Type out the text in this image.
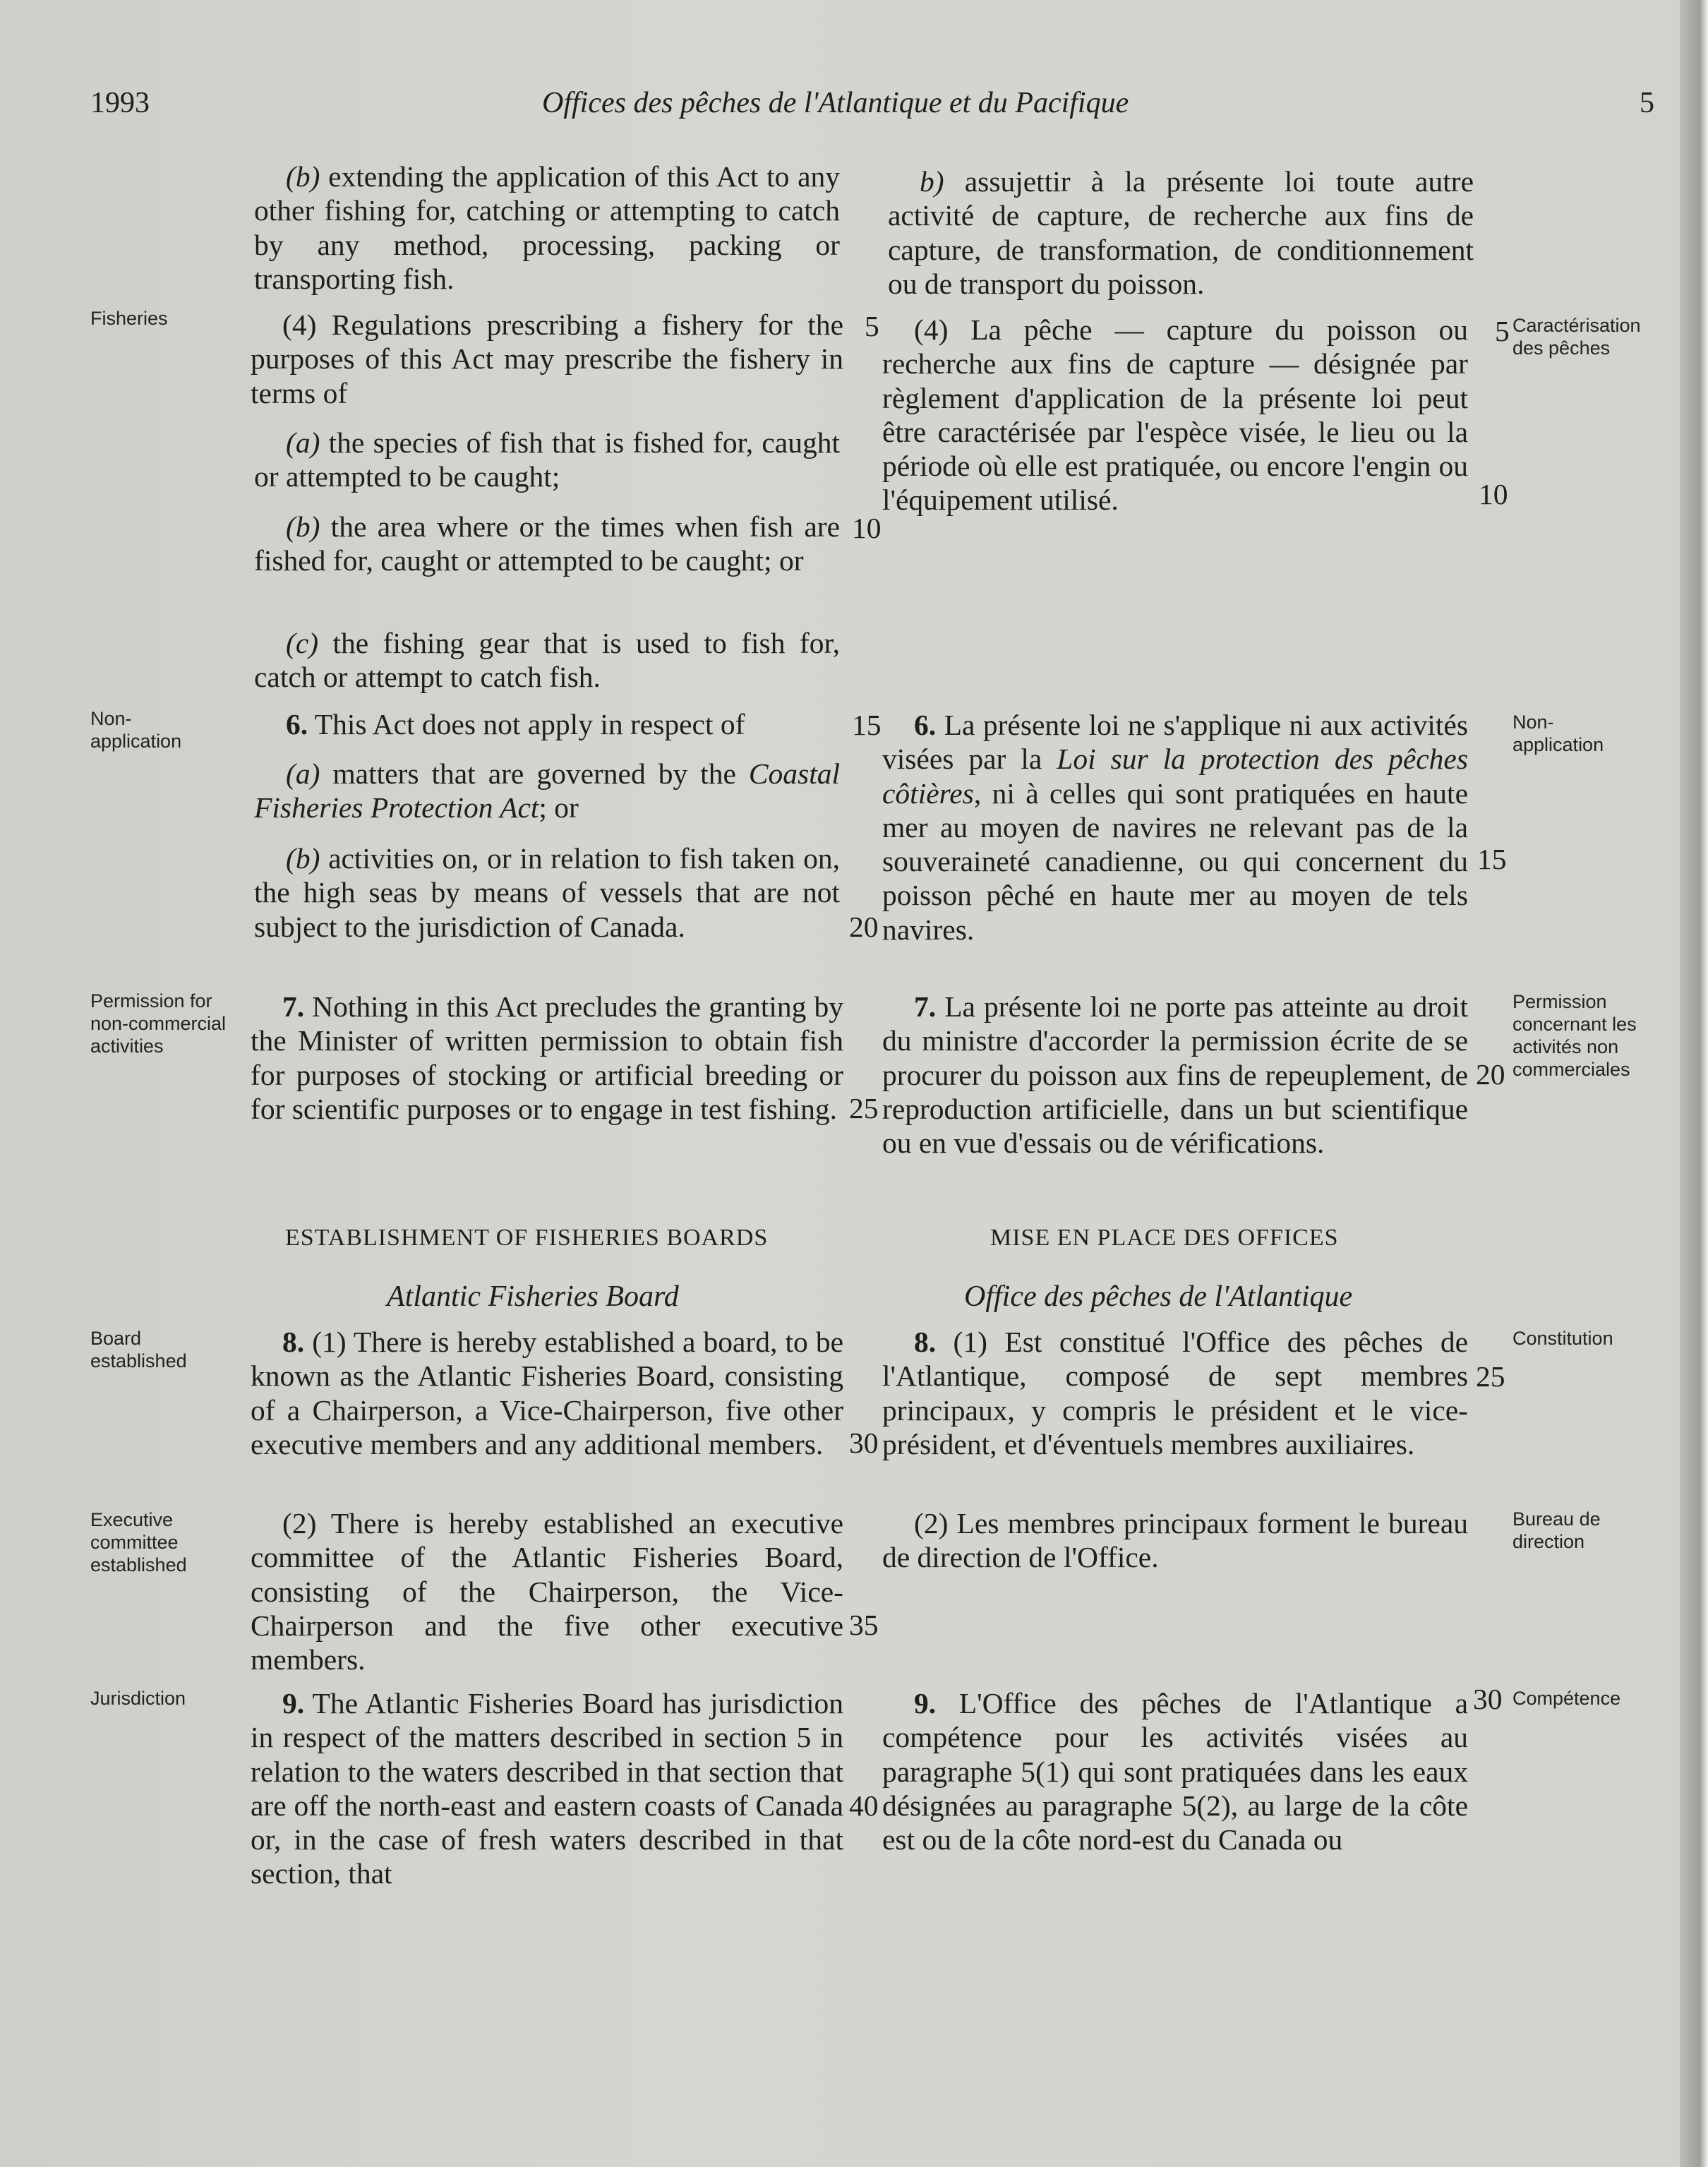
1993	Offices des pêches de l'Atlantique et du Pacifique	5
Fisheries
Non-application
Permission for non-commercial activities
Board established
Executive committee established
Jurisdiction
Caractérisation des pêches
Non-application
Permission concernant les activités non commerciales
Constitution
Bureau de direction
Compétence
5
10
15
20
25
30
35
40
5
10
15
20
25
30

(b) extending the application of this Act to any other fishing for, catching or attempting to catch by any method, processing, packing or transporting fish.

(4) Regulations prescribing a fishery for the purposes of this Act may prescribe the fishery in terms of

(a) the species of fish that is fished for, caught or attempted to be caught;

(b) the area where or the times when fish are fished for, caught or attempted to be caught; or

(c) the fishing gear that is used to fish for, catch or attempt to catch fish.

6. This Act does not apply in respect of

(a) matters that are governed by the Coastal Fisheries Protection Act; or

(b) activities on, or in relation to fish taken on, the high seas by means of vessels that are not subject to the jurisdiction of Canada.

7. Nothing in this Act precludes the granting by the Minister of written permission to obtain fish for purposes of stocking or artificial breeding or for scientific purposes or to engage in test fishing.

ESTABLISHMENT OF FISHERIES BOARDS
Atlantic Fisheries Board

8. (1) There is hereby established a board, to be known as the Atlantic Fisheries Board, consisting of a Chairperson, a Vice-Chairperson, five other executive members and any additional members.

(2) There is hereby established an executive committee of the Atlantic Fisheries Board, consisting of the Chairperson, the Vice-Chairperson and the five other executive members.

9. The Atlantic Fisheries Board has jurisdiction in respect of the matters described in section 5 in relation to the waters described in that section that are off the north-east and eastern coasts of Canada or, in the case of fresh waters described in that section, that

b) assujettir à la présente loi toute autre activité de capture, de recherche aux fins de capture, de transformation, de conditionnement ou de transport du poisson.

(4) La pêche — capture du poisson ou recherche aux fins de capture — désignée par règlement d'application de la présente loi peut être caractérisée par l'espèce visée, le lieu ou la période où elle est pratiquée, ou encore l'engin ou l'équipement utilisé.

6. La présente loi ne s'applique ni aux activités visées par la Loi sur la protection des pêches côtières, ni à celles qui sont pratiquées en haute mer au moyen de navires ne relevant pas de la souveraineté canadienne, ou qui concernent du poisson pêché en haute mer au moyen de tels navires.

7. La présente loi ne porte pas atteinte au droit du ministre d'accorder la permission écrite de se procurer du poisson aux fins de repeuplement, de reproduction artificielle, dans un but scientifique ou en vue d'essais ou de vérifications.

MISE EN PLACE DES OFFICES
Office des pêches de l'Atlantique

8. (1) Est constitué l'Office des pêches de l'Atlantique, composé de sept membres principaux, y compris le président et le vice-président, et d'éventuels membres auxiliaires.

(2) Les membres principaux forment le bureau de direction de l'Office.

9. L'Office des pêches de l'Atlantique a compétence pour les activités visées au paragraphe 5(1) qui sont pratiquées dans les eaux désignées au paragraphe 5(2), au large de la côte est ou de la côte nord-est du Canada ou
